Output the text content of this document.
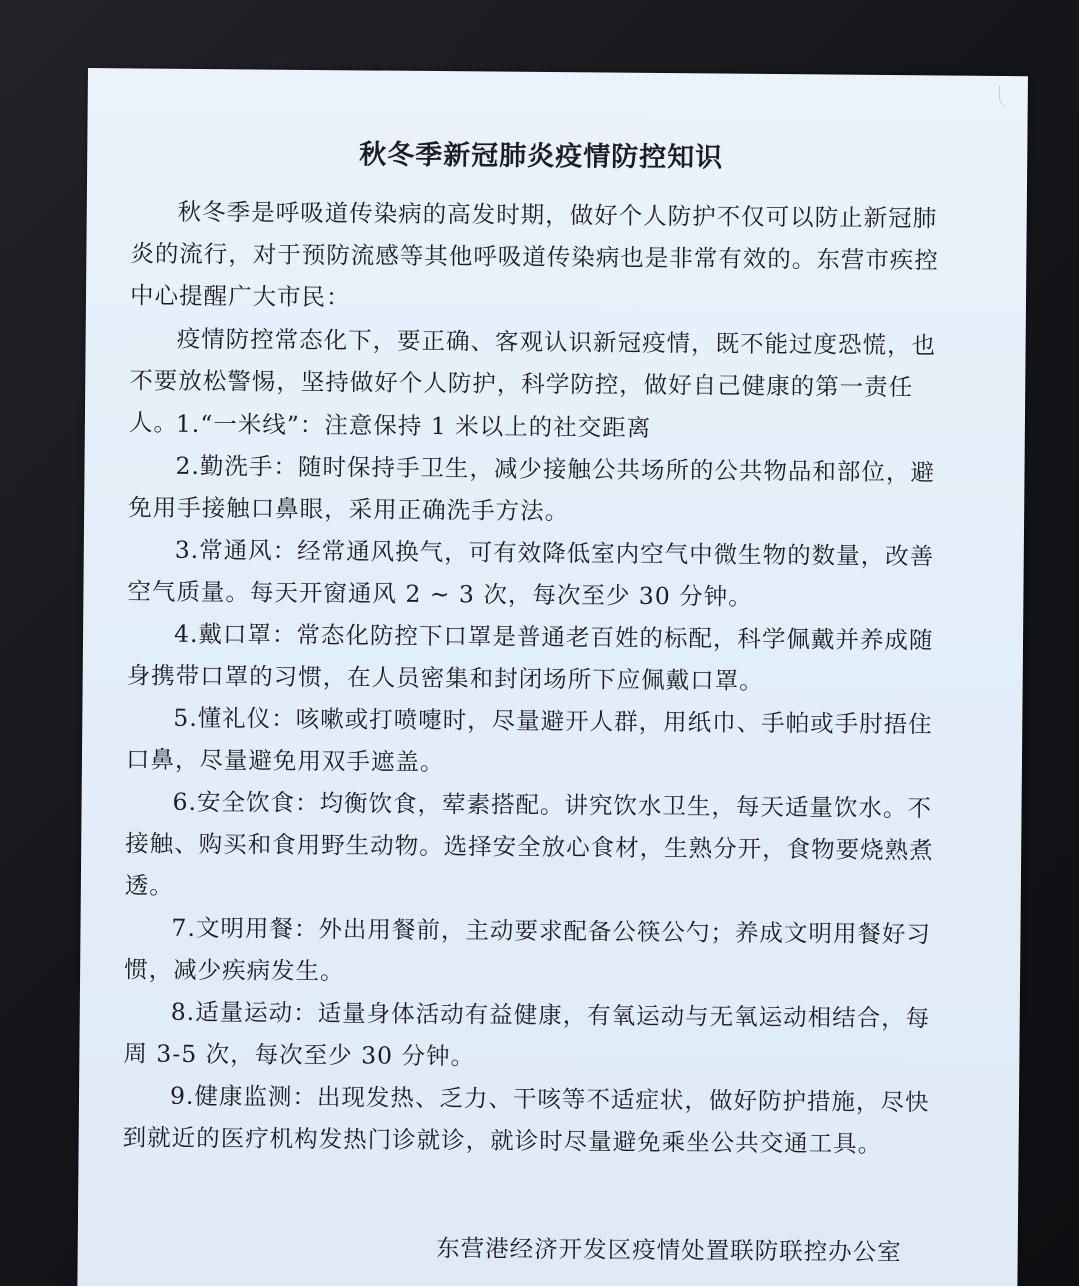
秋冬季新冠肺炎疫情防控知识

秋冬季是呼吸道传染病的高发时期，做好个人防护不仅可以防止新冠肺炎的流行，对于预防流感等其他呼吸道传染病也是非常有效的。东营市疾控中心提醒广大市民：

疫情防控常态化下，要正确、客观认识新冠疫情，既不能过度恐慌，也不要放松警惕，坚持做好个人防护，科学防控，做好自己健康的第一责任人。

1.“一米线”：注意保持 1 米以上的社交距离

2.勤洗手：随时保持手卫生，减少接触公共场所的公共物品和部位，避免用手接触口鼻眼，采用正确洗手方法。

3.常通风：经常通风换气，可有效降低室内空气中微生物的数量，改善空气质量。每天开窗通风 2 ~ 3 次，每次至少 30 分钟。

4.戴口罩：常态化防控下口罩是普通老百姓的标配，科学佩戴并养成随身携带口罩的习惯，在人员密集和封闭场所下应佩戴口罩。

5.懂礼仪：咳嗽或打喷嚏时，尽量避开人群，用纸巾、手帕或手肘捂住口鼻，尽量避免用双手遮盖。

6.安全饮食：均衡饮食，荤素搭配。讲究饮水卫生，每天适量饮水。不接触、购买和食用野生动物。选择安全放心食材，生熟分开，食物要烧熟煮透。

7.文明用餐：外出用餐前，主动要求配备公筷公勺；养成文明用餐好习惯，减少疾病发生。

8.适量运动：适量身体活动有益健康，有氧运动与无氧运动相结合，每周 3-5 次，每次至少 30 分钟。

9.健康监测：出现发热、乏力、干咳等不适症状，做好防护措施，尽快到就近的医疗机构发热门诊就诊，就诊时尽量避免乘坐公共交通工具。

东营港经济开发区疫情处置联防联控办公室
